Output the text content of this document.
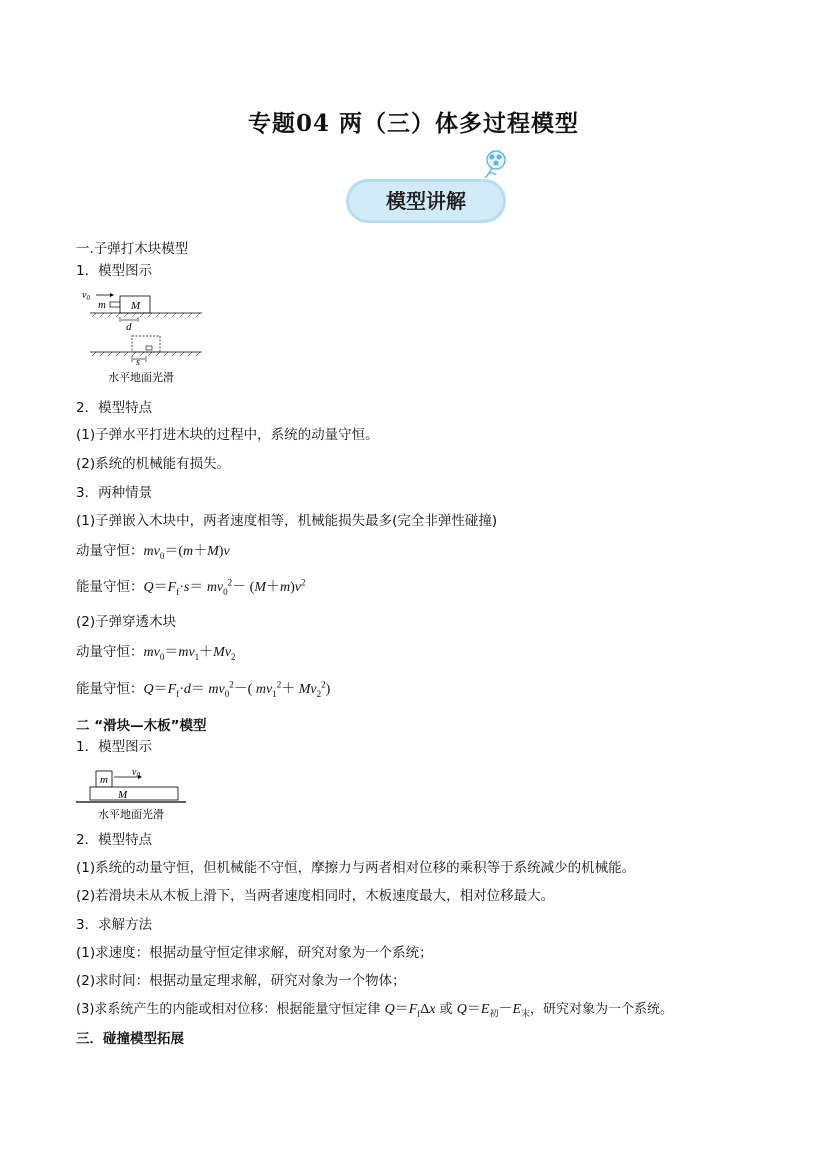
专题04 两（三）体多过程模型
模型讲解
一.子弹打木块模型
1．模型图示
$v_0$
m M
d
s
水平地面光滑
2．模型特点
(1)子弹水平打进木块的过程中，系统的动量守恒。
(2)系统的机械能有损失。
3．两种情景
(1)子弹嵌入木块中，两者速度相等，机械能损失最多(完全非弹性碰撞)
动量守恒：$mv_0=(m+M)v$
能量守恒：$Q=F_f\cdot s= mv_0^2- (M+m)v^2$
(2)子弹穿透木块
动量守恒：$mv_0=mv_1+Mv_2$
能量守恒：$Q=F_f\cdot d= mv_0^2-$( $mv_1^2+ Mv_2^2$)
二 “滑块—木板”模型
1．模型图示
m
$v_0$
M
水平地面光滑
2．模型特点
(1)系统的动量守恒，但机械能不守恒，摩擦力与两者相对位移的乘积等于系统减少的机械能。
(2)若滑块未从木板上滑下，当两者速度相同时，木板速度最大，相对位移最大。
3．求解方法
(1)求速度：根据动量守恒定律求解，研究对象为一个系统；
(2)求时间：根据动量定理求解，研究对象为一个物体；
(3)求系统产生的内能或相对位移：根据能量守恒定律 $Q=F_f\Delta x$ 或 $Q=E_初-E_末$，研究对象为一个系统。
三．碰撞模型拓展
